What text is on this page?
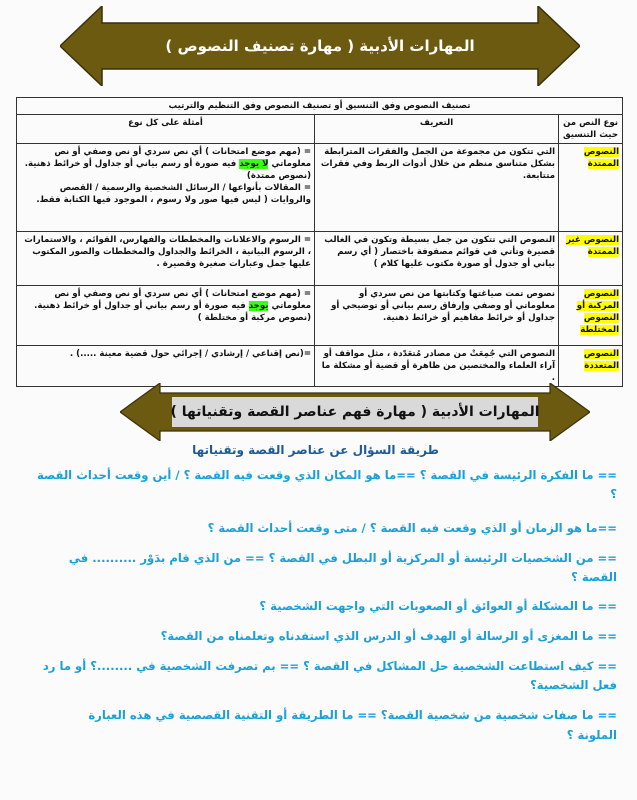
المهارات الأدبية ( مهارة تصنيف النصوص )
تصنيف النصوص وفق التنسيق أو تصنيف النصوص وفق التنظيم والترتيب		
نوع النص من حيث التنسيق	التعريف	أمثلة على كل نوع
النصوص
الممتدة	التي تتكون من مجموعة من الجمل والفقرات المترابطة بشكل متناسق منظم من خلال أدوات الربط وفي فقرات متتابعة.	= (مهم موضع امتحانات ) أي نص سردي أو نص وصفي أو نص معلوماتي لا يوجد فيه صورة أو رسم بياني أو جداول أو خرائط ذهنية.(نصوص ممتدة)
= المقالات بأنواعها / الرسائل الشخصية والرسمية / القصص والروايات ( ليس فيها صور ولا رسوم ، الموجود فيها الكتابة فقط.
النصوص غير
الممتدة	النصوص التي تتكون من جمل بسيطة وتكون في الغالب قصيرة وتأتي في قوائم مصفوفة باختصار ( أي رسم بياني أو جدول أو صورة مكتوب عليها كلام )	= الرسوم والاعلانات والمخططات والفهارس، القوائم ، والاستمارات ، الرسوم البيانية ، الخرائط والجداول والمخططات والصور المكتوب عليها جمل وعبارات صغيرة وقصيرة .
النصوص المركبة أو
النصوص المختلطة	نصوص تمت صياغتها وكتابتها من نص سردي أو معلوماتي أو وصفي وإرفاق رسم بياني أو توضيحي أو جداول أو خرائط مفاهيم أو خرائط ذهنية.	= (مهم موضع امتحانات ) أي نص سردي أو نص وصفي أو نص معلوماتي يوجد فيه صورة أو رسم بياني أو جداول أو خرائط ذهنية.(نصوص مركبة أو مختلطة )
النصوص
المتعددة	النصوص التي جُمِعَتْ من مصادر مُتعَدّدة ، مثل مواقف أو آراء العلماء والمختصين من ظاهرة أو قضية أو مشكلة ما .	=(نص إقناعي / إرشادي / إجرائي حول قضية معينة .....) .
المهارات الأدبية ( مهارة فهم عناصر القصة وتقنياتها )
طريقة السؤال عن عناصر القصة وتقنياتها
== ما الفكرة الرئيسة في القصة ؟ ==ما هو المكان الذي وقعت فيه القصة ؟ / أين وقعت أحداث القصة
؟
==ما هو الزمان أو الذي وقعت فيه القصة ؟ / متى وقعت أحداث القصة ؟
== من الشخصيات الرئيسة أو المركزية أو البطل في القصة ؟ == من الذي قام بدَوْر .......... في
القصة ؟
== ما المشكلة أو العوائق أو الصعوبات التي واجهت الشخصية ؟
== ما المغزى أو الرسالة أو الهدف أو الدرس الذي استفدناه وتعلمناه من القصة؟
== كيف استطاعت الشخصية حل المشاكل في القصة ؟ == بم تصرفت الشخصية في ........؟ أو ما رد
فعل الشخصية؟
== ما صفات شخصية من شخصية القصة؟ == ما الطريقة أو التقنية القصصية في هذه العبارة
الملونة ؟
